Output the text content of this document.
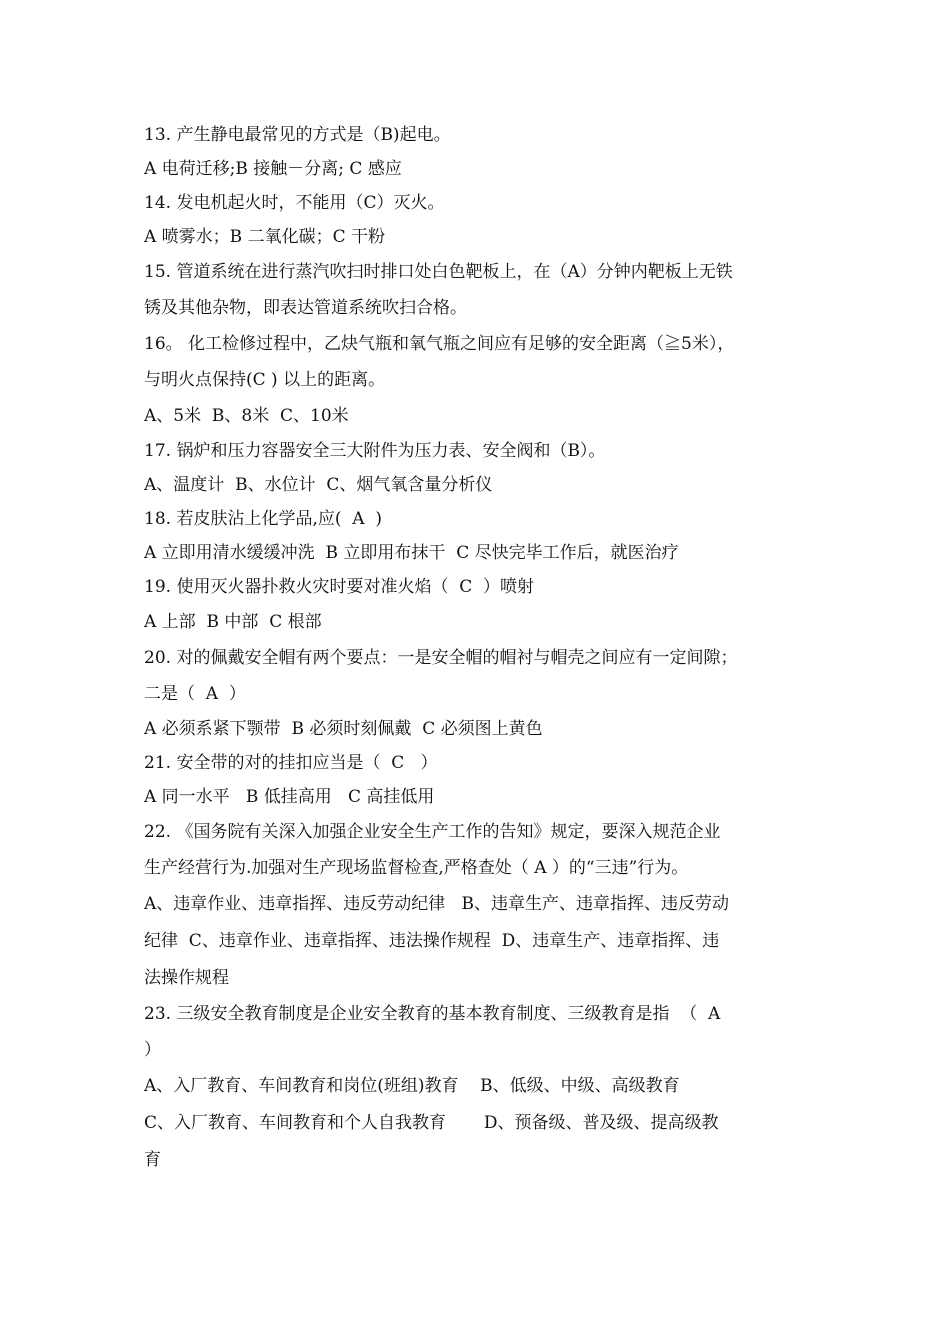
13. 产生静电最常见的方式是（B)起电。
A 电荷迁移;B 接触－分离; C 感应
14. 发电机起火时，不能用（C）灭火。
A 喷雾水；B 二氧化碳；C 干粉
15. 管道系统在进行蒸汽吹扫时排口处白色靶板上，在（A）分钟内靶板上无铁
锈及其他杂物，即表达管道系统吹扫合格。
16。 化工检修过程中，乙炔气瓶和氧气瓶之间应有足够的安全距离（≧5米），
与明火点保持(C ) 以上的距离。
A、5米  B、8米  C、10米
17. 锅炉和压力容器安全三大附件为压力表、安全阀和（B）。
A、温度计  B、水位计  C、烟气氧含量分析仪
18. 若皮肤沾上化学品,应(  A  )
A 立即用清水缓缓冲洗  B 立即用布抹干  C 尽快完毕工作后，就医治疗
19. 使用灭火器扑救火灾时要对准火焰（  C  ）喷射
A 上部  B 中部  C 根部
20. 对的佩戴安全帽有两个要点：一是安全帽的帽衬与帽壳之间应有一定间隙；
二是（  A  ）
A 必须系紧下颚带  B 必须时刻佩戴  C 必须图上黄色
21. 安全带的对的挂扣应当是（  C   ）
A 同一水平   B 低挂高用   C 高挂低用
22. 《国务院有关深入加强企业安全生产工作的告知》规定，要深入规范企业
生产经营行为.加强对生产现场监督检查,严格查处（ A ）的“三违”行为。
A、违章作业、违章指挥、违反劳动纪律   B、违章生产、违章指挥、违反劳动
纪律  C、违章作业、违章指挥、违法操作规程  D、违章生产、违章指挥、违
法操作规程
23. 三级安全教育制度是企业安全教育的基本教育制度、三级教育是指  （  A
）
A、入厂教育、车间教育和岗位(班组)教育    B、低级、中级、高级教育
C、入厂教育、车间教育和个人自我教育       D、预备级、普及级、提高级教
育
